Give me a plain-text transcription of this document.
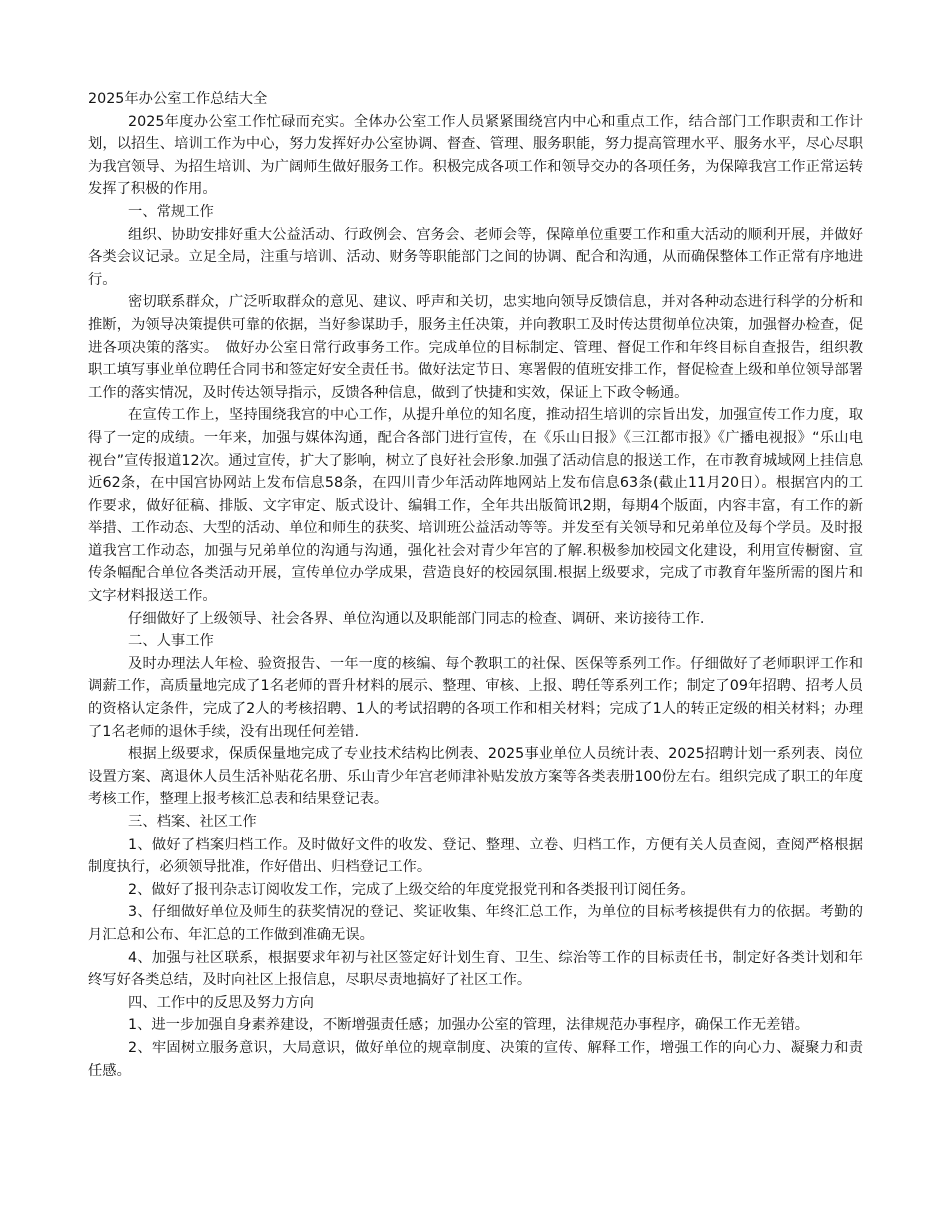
2025年办公室工作总结大全

2025年度办公室工作忙碌而充实。全体办公室工作人员紧紧围绕宫内中心和重点工作，结合部门工作职责和工作计划，以招生、培训工作为中心，努力发挥好办公室协调、督查、管理、服务职能，努力提高管理水平、服务水平，尽心尽职为我宫领导、为招生培训、为广阔师生做好服务工作。积极完成各项工作和领导交办的各项任务，为保障我宫工作正常运转发挥了积极的作用。

一、常规工作

组织、协助安排好重大公益活动、行政例会、宫务会、老师会等，保障单位重要工作和重大活动的顺利开展，并做好各类会议记录。立足全局，注重与培训、活动、财务等职能部门之间的协调、配合和沟通，从而确保整体工作正常有序地进行。

密切联系群众，广泛听取群众的意见、建议、呼声和关切，忠实地向领导反馈信息，并对各种动态进行科学的分析和推断，为领导决策提供可靠的依据，当好参谋助手，服务主任决策，并向教职工及时传达贯彻单位决策，加强督办检查，促进各项决策的落实。　做好办公室日常行政事务工作。完成单位的目标制定、管理、督促工作和年终目标自查报告，组织教职工填写事业单位聘任合同书和签定好安全责任书。做好法定节日、寒署假的值班安排工作，督促检查上级和单位领导部署工作的落实情况，及时传达领导指示，反馈各种信息，做到了快捷和实效，保证上下政令畅通。

在宣传工作上，坚持围绕我宫的中心工作，从提升单位的知名度，推动招生培训的宗旨出发，加强宣传工作力度，取得了一定的成绩。一年来，加强与媒体沟通，配合各部门进行宣传，在《乐山日报》《三江都市报》《广播电视报》“乐山电视台”宣传报道12次。通过宣传，扩大了影响，树立了良好社会形象.加强了活动信息的报送工作，在市教育城域网上挂信息近62条，在中国宫协网站上发布信息58条，在四川青少年活动阵地网站上发布信息63条(截止11月20日）。根据宫内的工作要求，做好征稿、排版、文字审定、版式设计、编辑工作，全年共出版简讯2期，每期4个版面，内容丰富，有工作的新举措、工作动态、大型的活动、单位和师生的获奖、培训班公益活动等等。并发至有关领导和兄弟单位及每个学员。及时报道我宫工作动态，加强与兄弟单位的沟通与沟通，强化社会对青少年宫的了解.积极参加校园文化建设，利用宣传橱窗、宣传条幅配合单位各类活动开展，宣传单位办学成果，营造良好的校园氛围.根据上级要求，完成了市教育年鉴所需的图片和文字材料报送工作。

仔细做好了上级领导、社会各界、单位沟通以及职能部门同志的检查、调研、来访接待工作.

二、人事工作

及时办理法人年检、验资报告、一年一度的核编、每个教职工的社保、医保等系列工作。仔细做好了老师职评工作和调薪工作，高质量地完成了1名老师的晋升材料的展示、整理、审核、上报、聘任等系列工作；制定了09年招聘、招考人员的资格认定条件，完成了2人的考核招聘、1人的考试招聘的各项工作和相关材料；完成了1人的转正定级的相关材料；办理了1名老师的退休手续，没有出现任何差错.

根据上级要求，保质保量地完成了专业技术结构比例表、2025事业单位人员统计表、2025招聘计划一系列表、岗位设置方案、离退休人员生活补贴花名册、乐山青少年宫老师津补贴发放方案等各类表册100份左右。组织完成了职工的年度考核工作，整理上报考核汇总表和结果登记表。

三、档案、社区工作

1、做好了档案归档工作。及时做好文件的收发、登记、整理、立卷、归档工作，方便有关人员查阅，查阅严格根据制度执行，必须领导批准，作好借出、归档登记工作。

2、做好了报刊杂志订阅收发工作，完成了上级交给的年度党报党刊和各类报刊订阅任务。

3、仔细做好单位及师生的获奖情况的登记、奖证收集、年终汇总工作，为单位的目标考核提供有力的依据。考勤的月汇总和公布、年汇总的工作做到准确无误。

4、加强与社区联系，根据要求年初与社区签定好计划生育、卫生、综治等工作的目标责任书，制定好各类计划和年终写好各类总结，及时向社区上报信息，尽职尽责地搞好了社区工作。

四、工作中的反思及努力方向

1、进一步加强自身素养建设，不断增强责任感；加强办公室的管理，法律规范办事程序，确保工作无差错。

2、牢固树立服务意识，大局意识，做好单位的规章制度、决策的宣传、解释工作，增强工作的向心力、凝聚力和责任感。
